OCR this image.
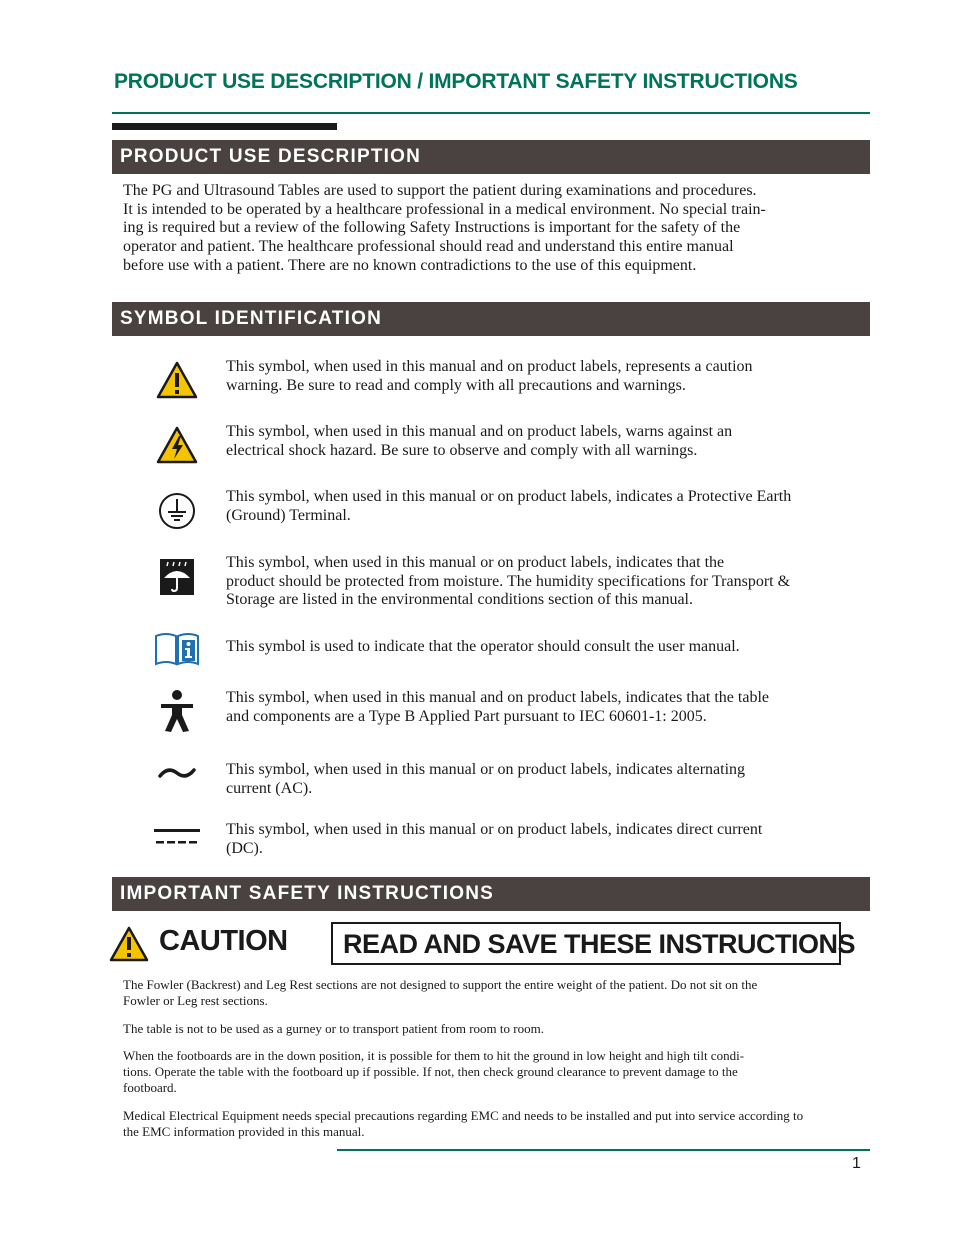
PRODUCT USE DESCRIPTION / IMPORTANT SAFETY INSTRUCTIONS
PRODUCT USE DESCRIPTION
The PG and Ultrasound Tables are used to support the patient during examinations and procedures.
It is intended to be operated by a healthcare professional in a medical environment. No special train-
ing is required but a review of the following Safety Instructions is important for the safety of the
operator and patient. The healthcare professional should read and understand this entire manual
before use with a patient. There are no known contradictions to the use of this equipment.
SYMBOL IDENTIFICATION
This symbol, when used in this manual and on product labels, represents a caution
warning. Be sure to read and comply with all precautions and warnings.
This symbol, when used in this manual and on product labels, warns against an
electrical shock hazard. Be sure to observe and comply with all warnings.
This symbol, when used in this manual or on product labels, indicates a Protective Earth
(Ground) Terminal.
This symbol, when used in this manual or on product labels, indicates that the
product should be protected from moisture. The humidity specifications for Transport &
Storage are listed in the environmental conditions section of this manual.
This symbol is used to indicate that the operator should consult the user manual.
This symbol, when used in this manual and on product labels, indicates that the table
and components are a Type B Applied Part pursuant to IEC 60601-1: 2005.
This symbol, when used in this manual or on product labels, indicates alternating
current (AC).
This symbol, when used in this manual or on product labels, indicates direct current
(DC).
IMPORTANT SAFETY INSTRUCTIONS
CAUTION READ AND SAVE THESE INSTRUCTIONS
The Fowler (Backrest) and Leg Rest sections are not designed to support the entire weight of the patient. Do not sit on the
Fowler or Leg rest sections.
The table is not to be used as a gurney or to transport patient from room to room.
When the footboards are in the down position, it is possible for them to hit the ground in low height and high tilt condi-
tions. Operate the table with the footboard up if possible. If not, then check ground clearance to prevent damage to the
footboard.
Medical Electrical Equipment needs special precautions regarding EMC and needs to be installed and put into service according to
the EMC information provided in this manual.
1
